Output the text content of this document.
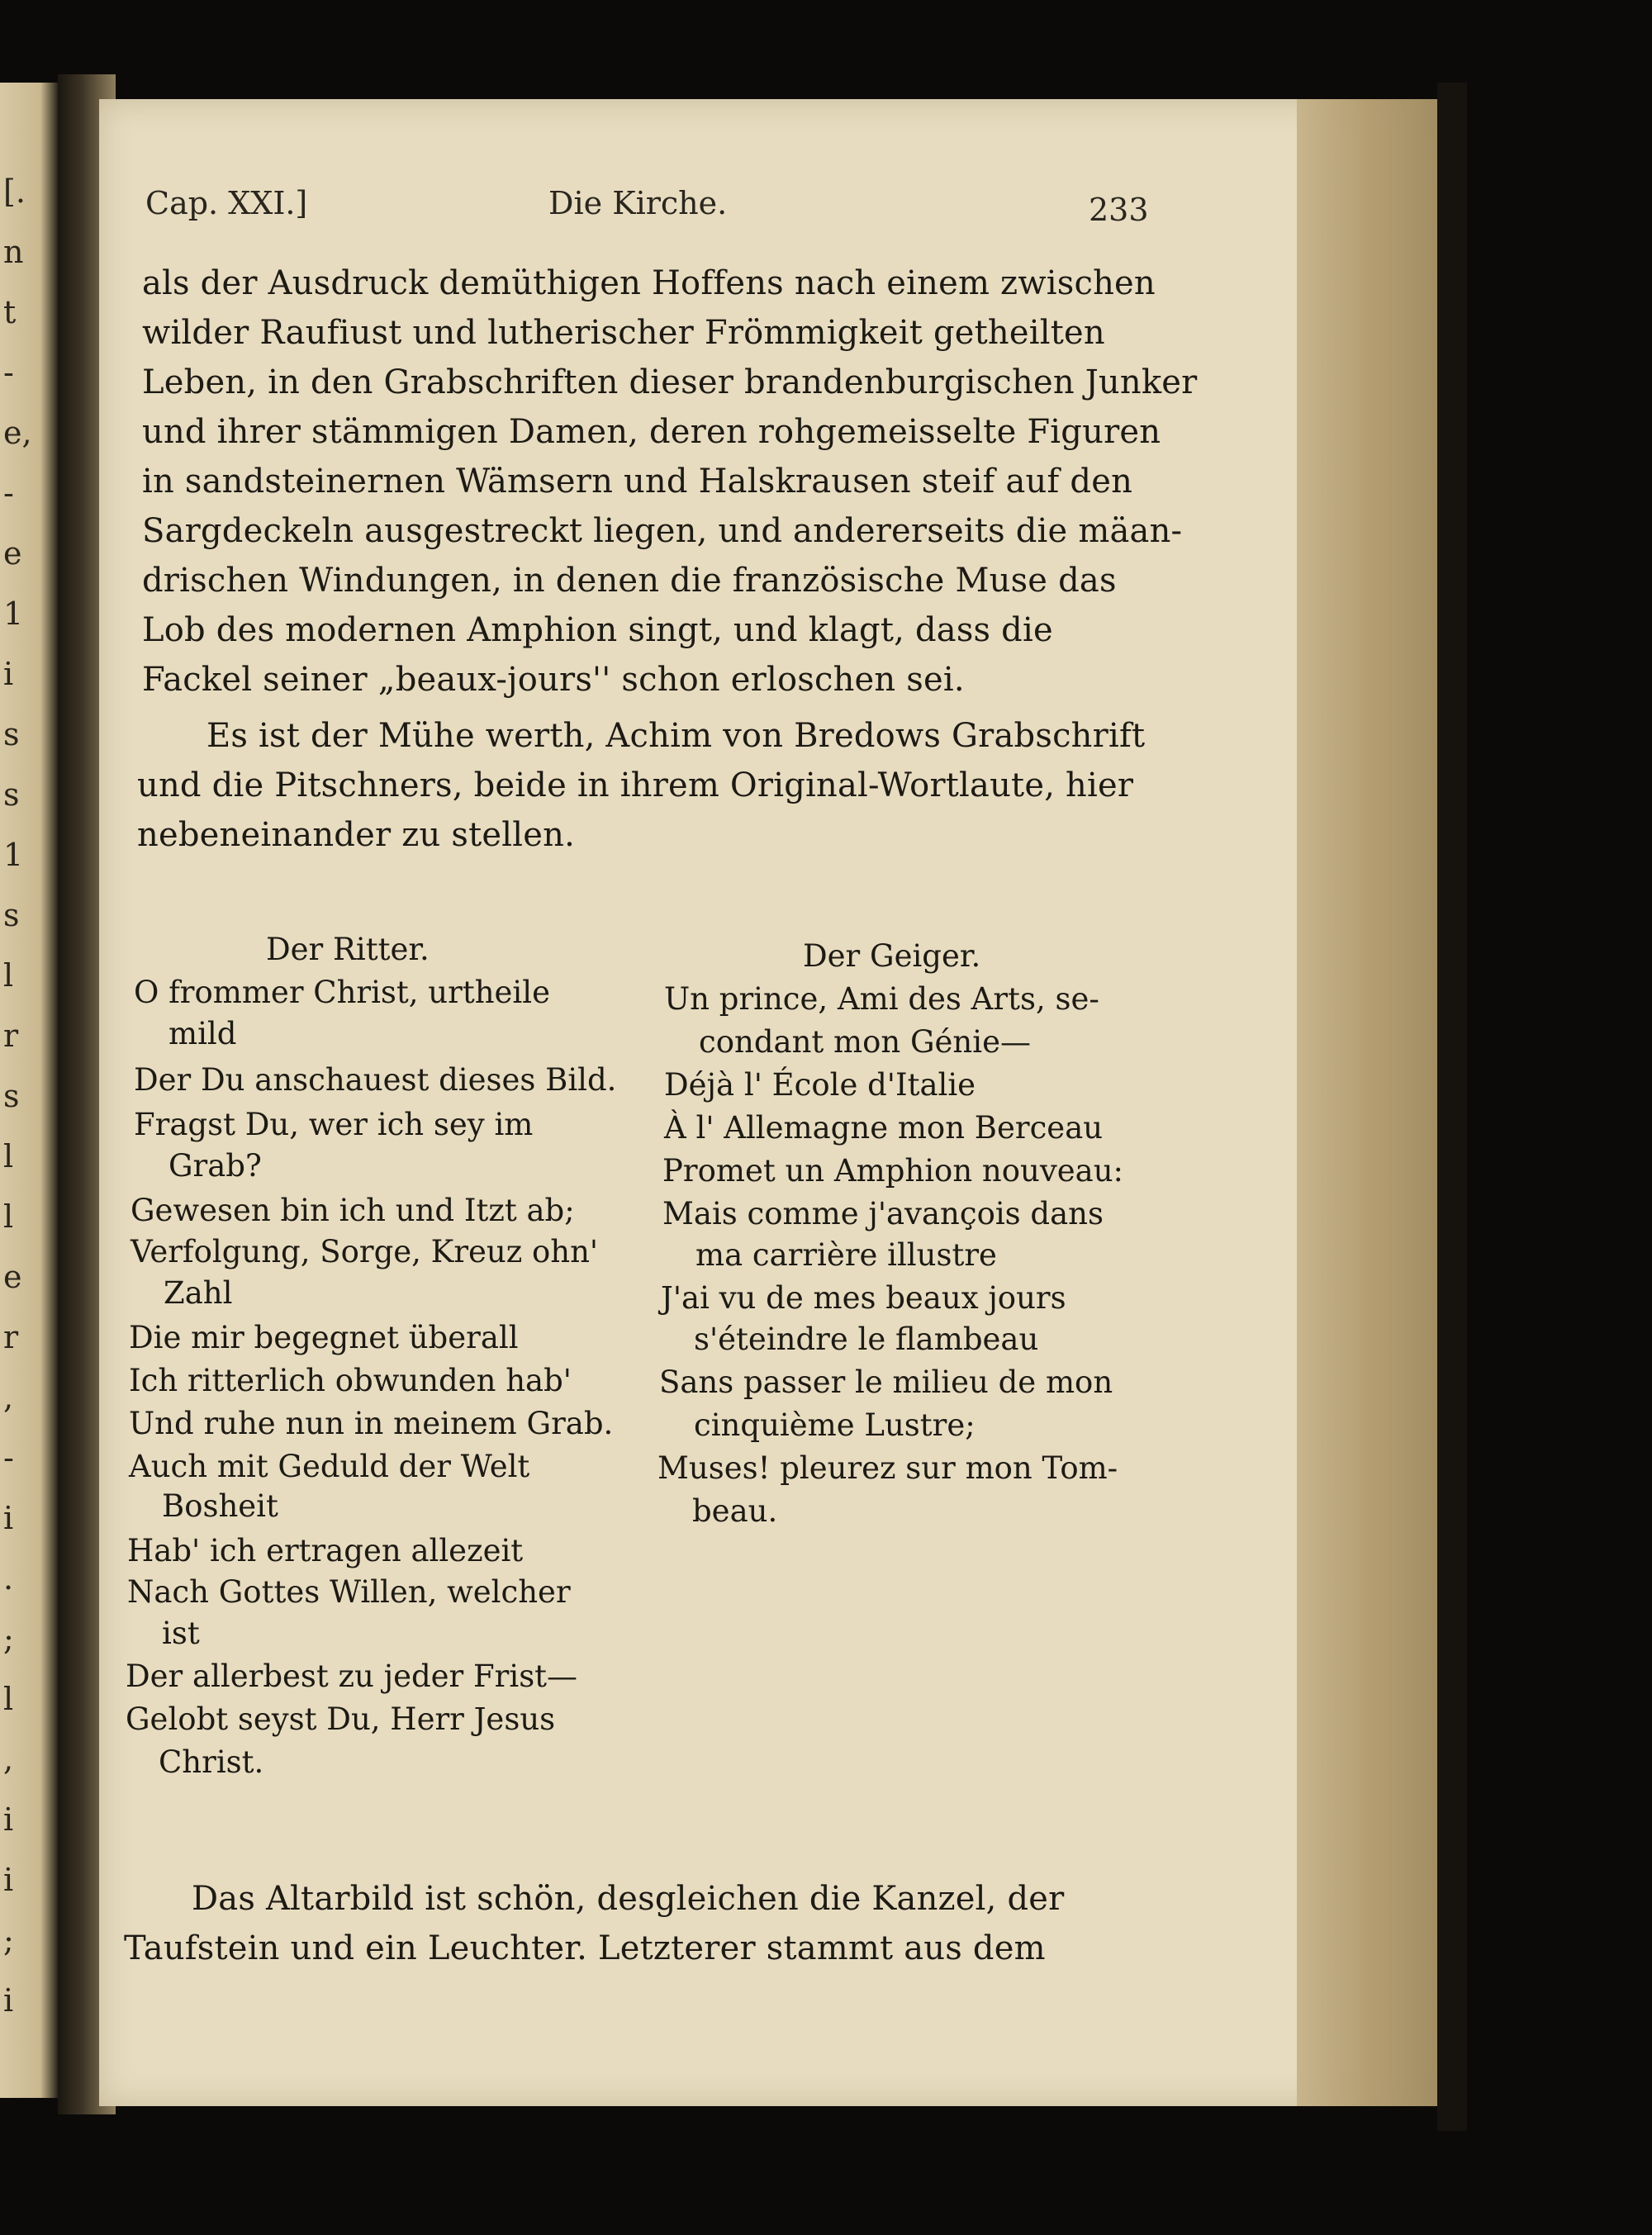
[.
n
t
-
e,
-
e
1
i
s
s
1
s
l
r
s
l
l
e
r
,
-
i
.
;
l
,
i
i
;
i
Cap. XXI.]	Die Kirche.	233
als der Ausdruck demüthigen Hoffens nach einem zwischen
wilder Raufiust und lutherischer Frömmigkeit getheilten
Leben, in den Grabschriften dieser brandenburgischen Junker
und ihrer stämmigen Damen, deren rohgemeisselte Figuren
in sandsteinernen Wämsern und Halskrausen steif auf den
Sargdeckeln ausgestreckt liegen, und andererseits die mäan-
drischen Windungen, in denen die französische Muse das
Lob des modernen Amphion singt, und klagt, dass die
Fackel seiner „beaux-jours'' schon erloschen sei.
Es ist der Mühe werth, Achim von Bredows Grabschrift
und die Pitschners, beide in ihrem Original-Wortlaute, hier
nebeneinander zu stellen.
Der Ritter.	Der Geiger.
O frommer Christ, urtheile
mild
Der Du anschauest dieses Bild.
Fragst Du, wer ich sey im
Grab?
Gewesen bin ich und Itzt ab;
Verfolgung, Sorge, Kreuz ohn'
Zahl
Die mir begegnet überall
Ich ritterlich obwunden hab'
Und ruhe nun in meinem Grab.
Auch mit Geduld der Welt
Bosheit
Hab' ich ertragen allezeit
Nach Gottes Willen, welcher
ist
Der allerbest zu jeder Frist—
Gelobt seyst Du, Herr Jesus
Christ.
Un prince, Ami des Arts, se-
condant mon Génie—
Déjà l' École d'Italie
À l' Allemagne mon Berceau
Promet un Amphion nouveau:
Mais comme j'avançois dans
ma carrière illustre
J'ai vu de mes beaux jours
s'éteindre le flambeau
Sans passer le milieu de mon
cinquième Lustre;
Muses! pleurez sur mon Tom-
beau.
Das Altarbild ist schön, desgleichen die Kanzel, der
Taufstein und ein Leuchter. Letzterer stammt aus dem
